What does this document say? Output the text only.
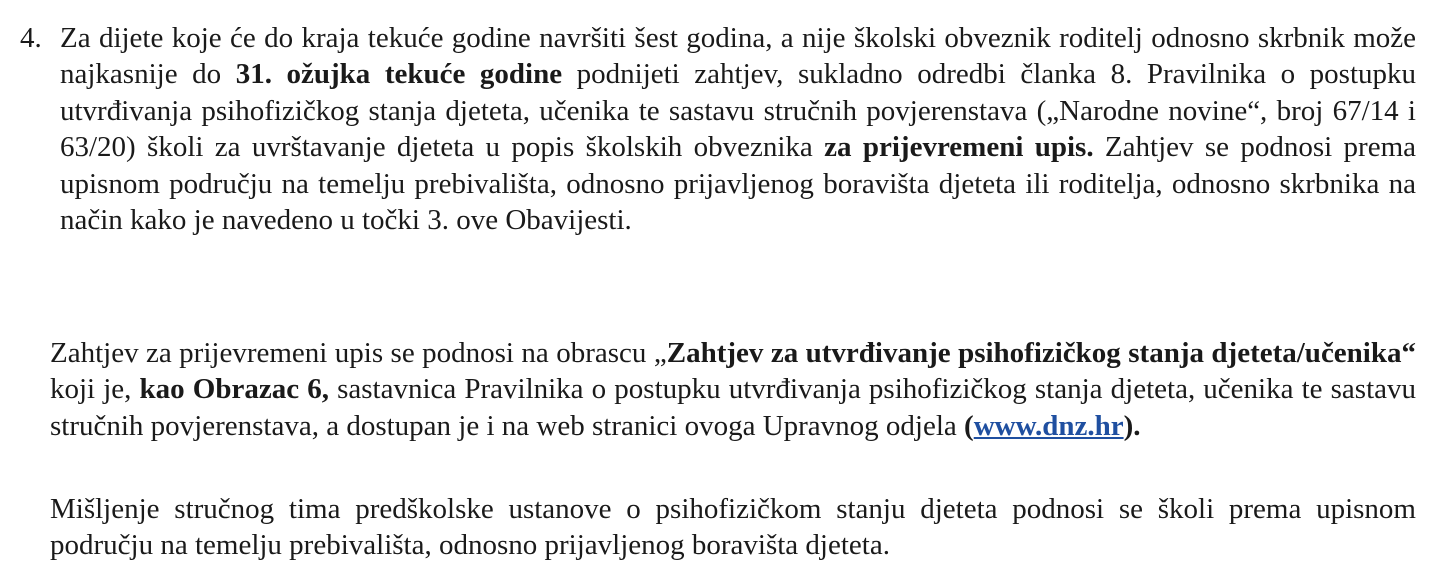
4. Za dijete koje će do kraja tekuće godine navršiti šest godina, a nije školski obveznik roditelj odnosno skrbnik može najkasnije do 31. ožujka tekuće godine podnijeti zahtjev, sukladno odredbi članka 8. Pravilnika o postupku utvrđivanja psihofizičkog stanja djeteta, učenika te sastavu stručnih povjerenstava („Narodne novine“, broj 67/14 i 63/20) školi za uvrštavanje djeteta u popis školskih obveznika za prijevremeni upis. Zahtjev se podnosi prema upisnom području na temelju prebivališta, odnosno prijavljenog boravišta djeteta ili roditelja, odnosno skrbnika na način kako je navedeno u točki 3. ove Obavijesti.

Zahtjev za prijevremeni upis se podnosi na obrascu „Zahtjev za utvrđivanje psihofizičkog stanja djeteta/učenika“ koji je, kao Obrazac 6, sastavnica Pravilnika o postupku utvrđivanja psihofizičkog stanja djeteta, učenika te sastavu stručnih povjerenstava, a dostupan je i na web stranici ovoga Upravnog odjela (www.dnz.hr).

Mišljenje stručnog tima predškolske ustanove o psihofizičkom stanju djeteta podnosi se školi prema upisnom području na temelju prebivališta, odnosno prijavljenog boravišta djeteta.
